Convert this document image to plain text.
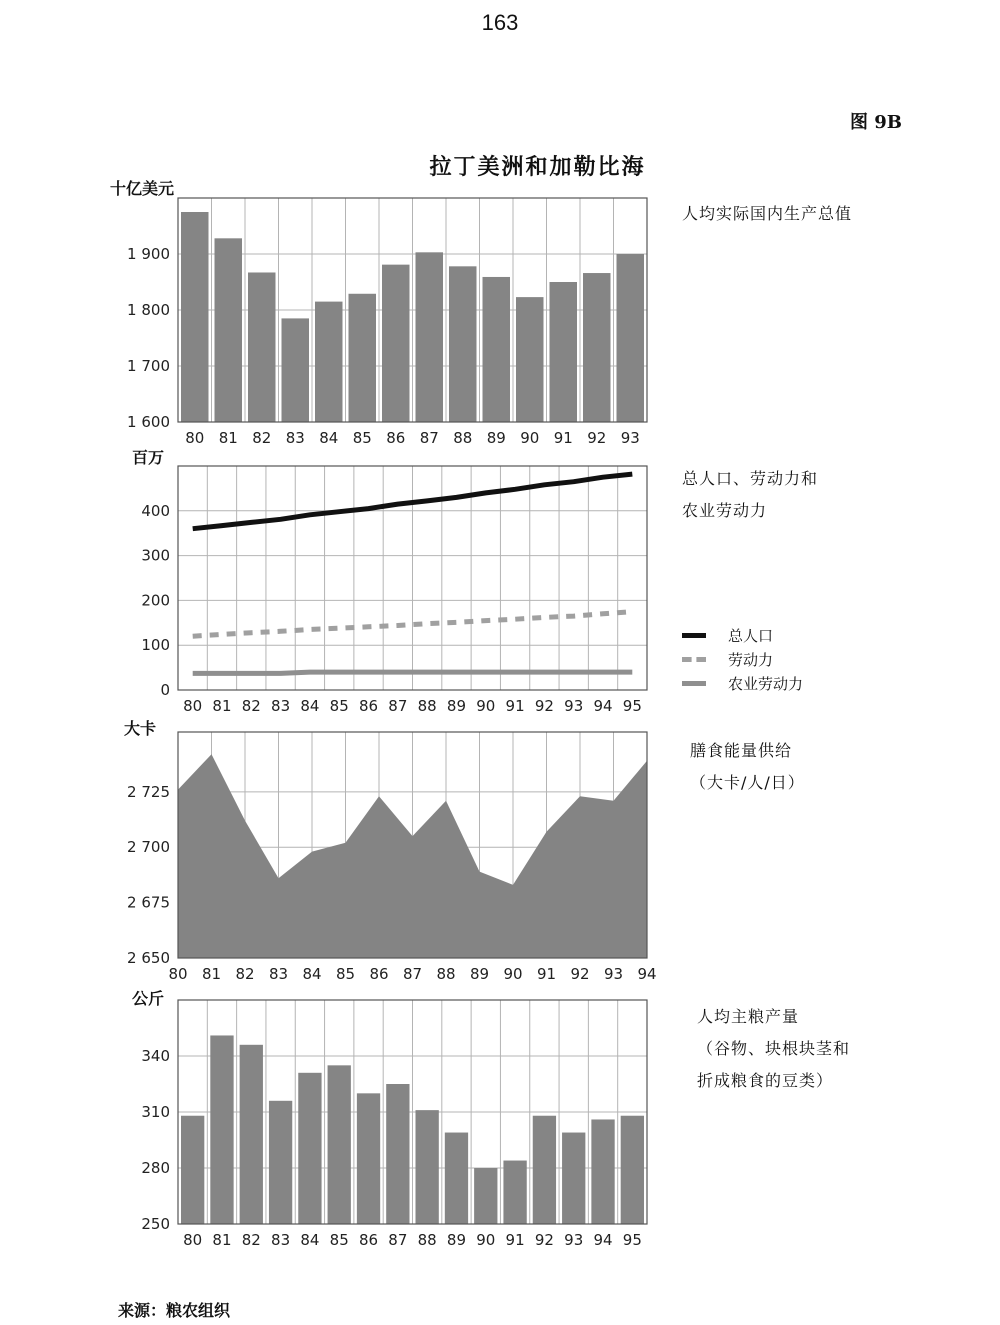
163
图 9B
拉丁美洲和加勒比海
十亿美元
1 600
1 700
1 800
1 900
80 81 82 83 84 85 86 87 88 89 90 91 92 93
0
100
200
300
400
80 81 82 83 84 85 86 87 88 89 90 91 92 93 94 95
2 650
2 675
2 700
2 725
80 81 82 83 84 85 86 87 88 89 90 91 92 93 94
250
280
310
340
80 81 82 83 84 85 86 87 88 89 90 91 92 93 94 95
人均实际国内生产总值
百万
总人口、劳动力和
农业劳动力
总人口
劳动力
农业劳动力
大卡
膳食能量供给
（大卡/人/日）
公斤
人均主粮产量
（谷物、块根块茎和
折成粮食的豆类）
来源：粮农组织
